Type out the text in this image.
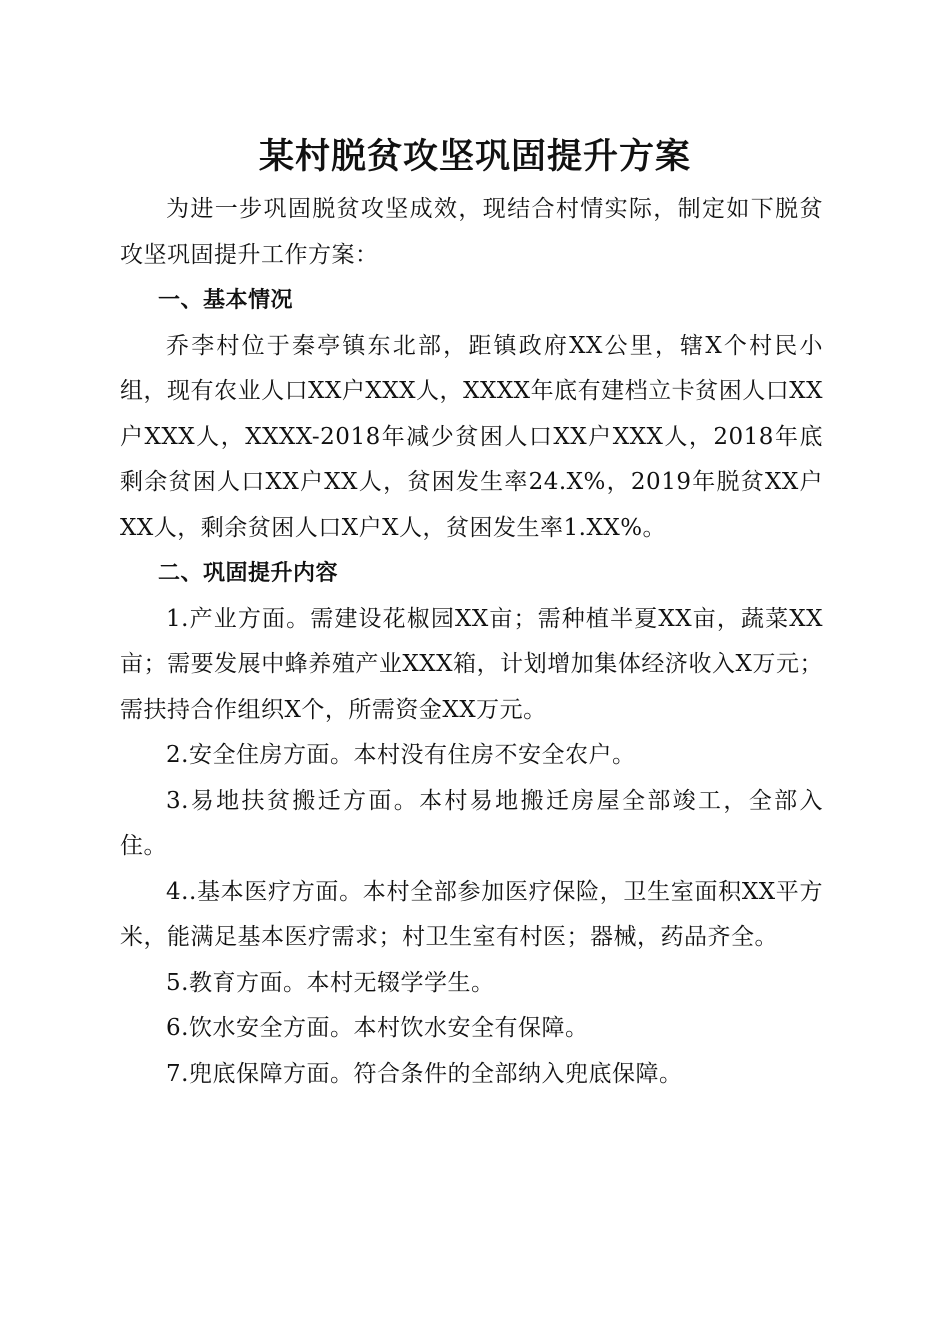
某村脱贫攻坚巩固提升方案

为进一步巩固脱贫攻坚成效，现结合村情实际，制定如下脱贫攻坚巩固提升工作方案：

一、基本情况

乔李村位于秦亭镇东北部，距镇政府XX公里，辖X个村民小组，现有农业人口XX户XXX人，XXXX年底有建档立卡贫困人口XX户XXX人，XXXX-2018年减少贫困人口XX户XXX人，2018年底剩余贫困人口XX户XX人，贫困发生率24.X%，2019年脱贫XX户XX人，剩余贫困人口X户X人，贫困发生率1.XX%。

二、巩固提升内容

1.产业方面。需建设花椒园XX亩；需种植半夏XX亩，蔬菜XX亩；需要发展中蜂养殖产业XXX箱，计划增加集体经济收入X万元；需扶持合作组织X个，所需资金XX万元。

2.安全住房方面。本村没有住房不安全农户。

3.易地扶贫搬迁方面。本村易地搬迁房屋全部竣工，全部入住。

4..基本医疗方面。本村全部参加医疗保险，卫生室面积XX平方米，能满足基本医疗需求；村卫生室有村医；器械，药品齐全。

5.教育方面。本村无辍学学生。

6.饮水安全方面。本村饮水安全有保障。

7.兜底保障方面。符合条件的全部纳入兜底保障。
